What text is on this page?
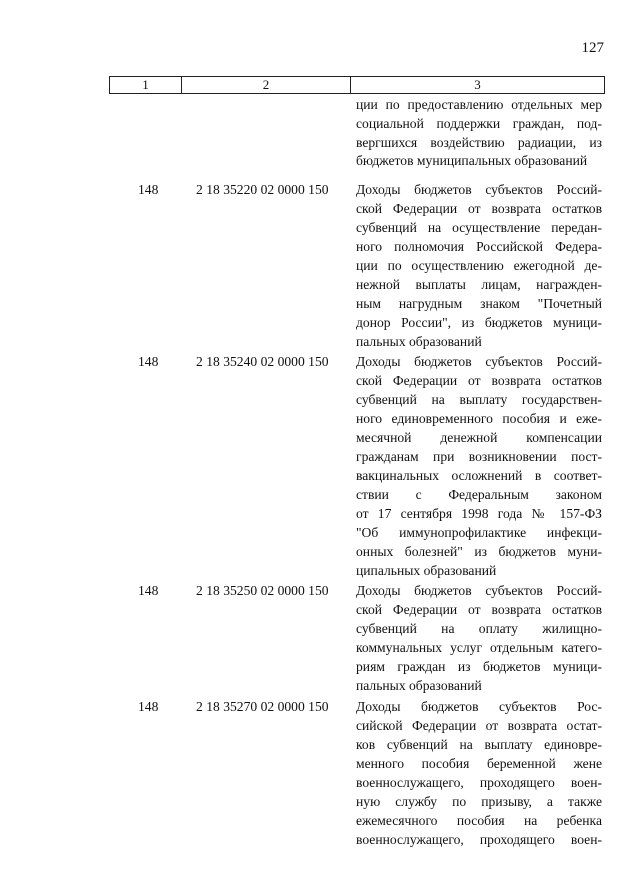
127
1	2	3
ции по предоставлению отдельных мер
социальной поддержки граждан, под-
вергшихся воздействию радиации, из
бюджетов муниципальных образований
148	2 18 35220 02 0000 150 Доходы бюджетов субъектов Россий-
ской Федерации от возврата остатков
субвенций на осуществление передан-
ного полномочия Российской Федера-
ции по осуществлению ежегодной де-
нежной выплаты лицам, награжден-
ным нагрудным знаком "Почетный
донор России", из бюджетов муници-
пальных образований
148	2 18 35240 02 0000 150 Доходы бюджетов субъектов Россий-
ской Федерации от возврата остатков
субвенций на выплату государствен-
ного единовременного пособия и еже-
месячной денежной компенсации
гражданам при возникновении пост-
вакцинальных осложнений в соответ-
ствии с Федеральным законом
от 17 сентября 1998 года № 157-ФЗ
"Об иммунопрофилактике инфекци-
онных болезней" из бюджетов муни-
ципальных образований
148	2 18 35250 02 0000 150 Доходы бюджетов субъектов Россий-
ской Федерации от возврата остатков
субвенций на оплату жилищно-
коммунальных услуг отдельным катего-
риям граждан из бюджетов муници-
пальных образований
148	2 18 35270 02 0000 150 Доходы бюджетов субъектов Рос-
сийской Федерации от возврата остат-
ков субвенций на выплату единовре-
менного пособия беременной жене
военнослужащего, проходящего воен-
ную службу по призыву, а также
ежемесячного пособия на ребенка
военнослужащего, проходящего воен-
